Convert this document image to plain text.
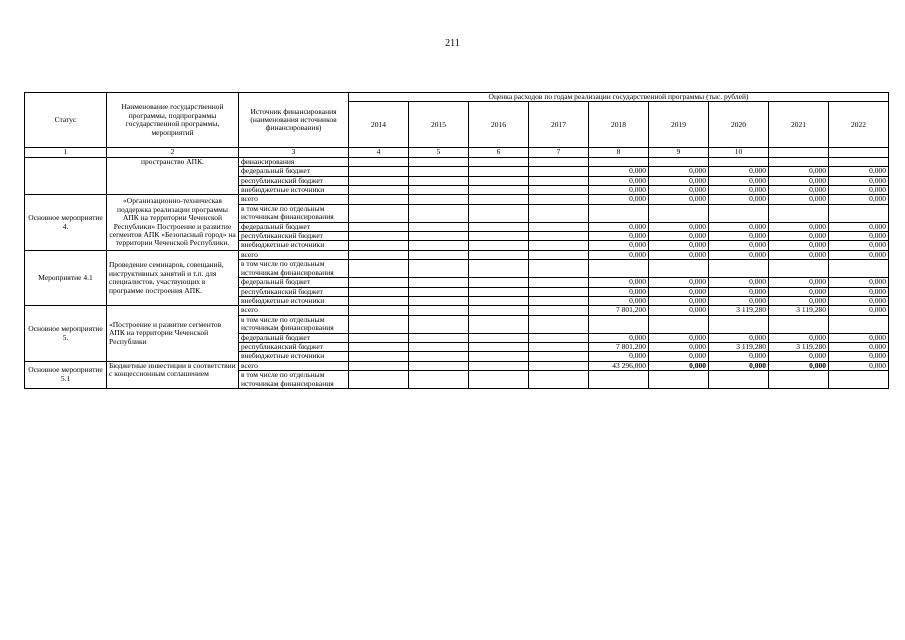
211
Статус	Наименование государственной программы, подпрограммы государственной программы, мероприятий	Источник финансирования (наименования источников финансирования)	Оценка расходов по годам реализации государственной программы (тыс. рублей)								
			2014	2015	2016	2017	2018	2019	2020	2021	2022
1	2	3	4	5	6	7	8	9	10		
	пространство АПК.	финансирования									
		федеральный бюджет					0,000	0,000	0,000	0,000	0,000
		республиканский бюджет					0,000	0,000	0,000	0,000	0,000
		внебюджетные источники					0,000	0,000	0,000	0,000	0,000
Основное мероприятие 4.	«Организационно-техническая поддержка реализации программы АПК на территории Чеченской Республики» Построение и развитие сегментов АПК «Безопасный город» на территории Чеченской Республики.	всего					0,000	0,000	0,000	0,000	0,000
		в том числе по отдельным источникам финансирования									
		федеральный бюджет					0,000	0,000	0,000	0,000	0,000
		республиканский бюджет					0,000	0,000	0,000	0,000	0,000
		внебюджетные источники					0,000	0,000	0,000	0,000	0,000
Мероприятие 4.1	Проведение семинаров, совещаний, инструктивных занятий и т.п. для специалистов, участвующих в программе построения АПК.	всего					0,000	0,000	0,000	0,000	0,000
		в том числе по отдельным источникам финансирования									
		федеральный бюджет					0,000	0,000	0,000	0,000	0,000
		республиканский бюджет					0,000	0,000	0,000	0,000	0,000
		внебюджетные источники					0,000	0,000	0,000	0,000	0,000
Основное мероприятие 5.	«Построение и развитие сегментов АПК на территории Чеченской Республики	всего					7 801,200	0,000	3 119,280	3 119,280	0,000
		в том числе по отдельным источникам финансирования									
		федеральный бюджет					0,000	0,000	0,000	0,000	0,000
		республиканский бюджет					7 801,200	0,000	3 119,280	3 119,280	0,000
		внебюджетные источники					0,000	0,000	0,000	0,000	0,000
Основное мероприятие 5.1	Бюджетные инвестиции в соответствии с концессионным соглашением	всего					43 296,000	0,000	0,000	0,000	0,000
		в том числе по отдельным источникам финансирования									
